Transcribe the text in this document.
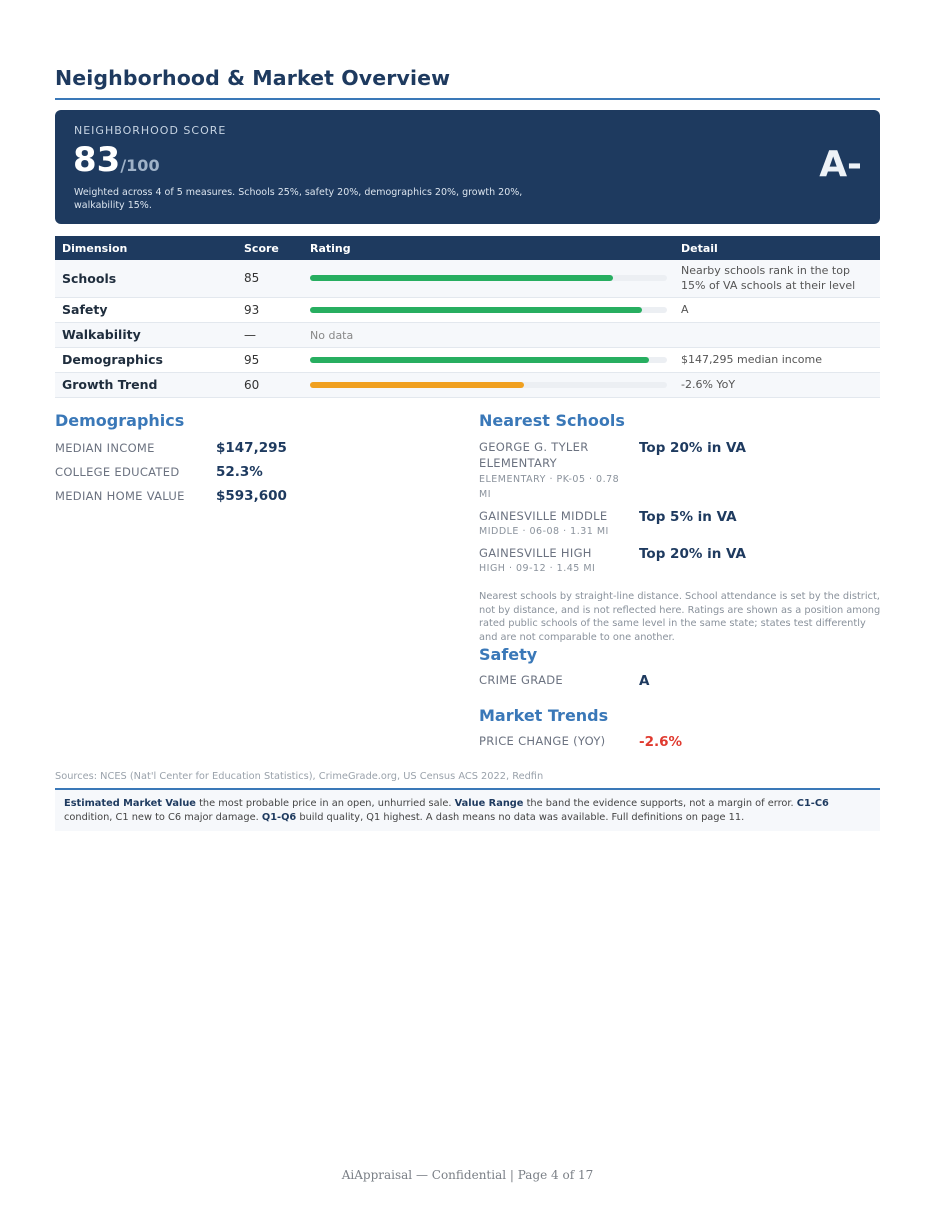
Neighborhood & Market Overview
NEIGHBORHOOD SCORE
83/100
Weighted across 4 of 5 measures. Schools 25%, safety 20%, demographics 20%, growth 20%, walkability 15%.
A-
Dimension	Score	Rating	Detail
Schools	85		Nearby schools rank in the top 15% of VA schools at their level
Safety	93		A
Walkability	—	No data	
Demographics	95		$147,295 median income
Growth Trend	60		-2.6% YoY
Demographics
MEDIAN INCOME	$147,295
COLLEGE EDUCATED	52.3%
MEDIAN HOME VALUE $593,600
Nearest Schools
GEORGE G. TYLER
ELEMENTARY
ELEMENTARY · PK-05 · 0.78
MI
Top 20% in VA
GAINESVILLE MIDDLE
MIDDLE · 06-08 · 1.31 MI
Top 5% in VA
GAINESVILLE HIGH
HIGH · 09-12 · 1.45 MI
Top 20% in VA
Nearest schools by straight-line distance. School attendance is set by the district,
not by distance, and is not reflected here. Ratings are shown as a position among
rated public schools of the same level in the same state; states test differently
and are not comparable to one another.
Safety
CRIME GRADE	A
Market Trends
PRICE CHANGE (YOY) -2.6%
Sources: NCES (Nat'l Center for Education Statistics), CrimeGrade.org, US Census ACS 2022, Redfin
Estimated Market Value the most probable price in an open, unhurried sale. Value Range the band the evidence supports, not a margin of error. C1-C6 condition, C1 new to C6 major damage. Q1-Q6 build quality, Q1 highest. A dash means no data was available. Full definitions on page 11.
AiAppraisal — Confidential | Page 4 of 17
